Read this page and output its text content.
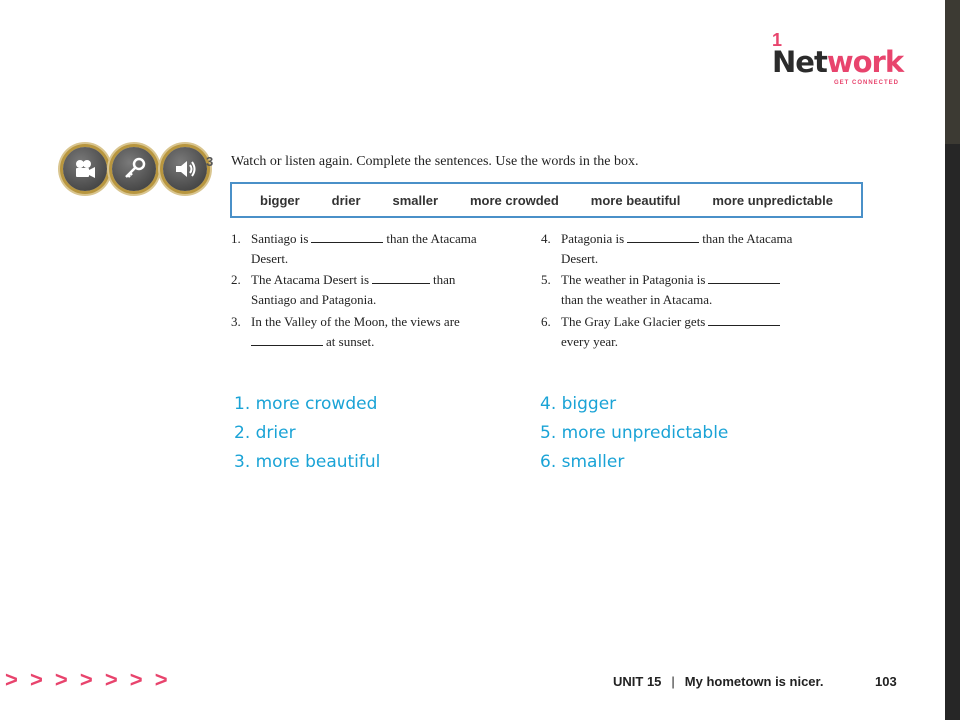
1
Network
GET CONNECTED
3 Watch or listen again. Complete the sentences. Use the words in the box.
bigger drier smaller more crowded more beautiful more unpredictable
1. Santiago is	than the Atacama
Desert.
2. The Atacama Desert is	than
Santiago and Patagonia.
3. In the Valley of the Moon, the views are
at sunset.
4. Patagonia is	than the Atacama
Desert.
5. The weather in Patagonia is
than the weather in Atacama.
6. The Gray Lake Glacier gets
every year.
1. more crowded
2. drier
3. more beautiful
4. bigger
5. more unpredictable
6. smaller
> > > > > > >	UNIT 15 | My hometown is nicer.	103
